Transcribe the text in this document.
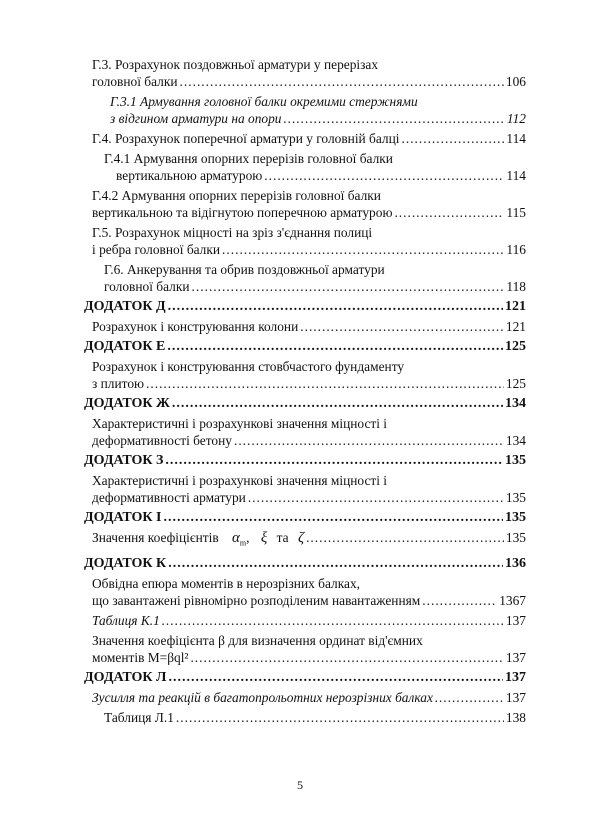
Г.3. Розрахунок поздовжньої арматури у перерізах
головної балки .....	106
Г.3.1 Армування головної балки окремими стержнями
з відгином арматури на опори .....	112
Г.4. Розрахунок поперечної арматури у головній балці .....	114
Г.4.1 Армування опорних перерізів головної балки
вертикальною арматурою .....	114
Г.4.2 Армування опорних перерізів головної балки
вертикальною та відігнутою поперечною арматурою .....	115
Г.5. Розрахунок міцності на зріз з'єднання полиці
і ребра головної балки .....	116
Г.6. Анкерування та обрив поздовжньої арматури
головної балки .....	118
ДОДАТОК Д .....	121
Розрахунок і конструювання колони .....	121
ДОДАТОК Е .....	125
Розрахунок і конструювання стовбчастого фундаменту
з плитою .....	125
ДОДАТОК Ж .....	134
Характеристичні і розрахункові значення міцності і
деформативності бетону .....	134
ДОДАТОК З .....	135
Характеристичні і розрахункові значення міцності і
деформативності арматури .....	135
ДОДАТОК І .....	135
Значення коефіцієнтів $\alpha_m$, ξ та ζ .....	135
ДОДАТОК К .....	136
Обвідна епюра моментів в нерозрізних балках,
що завантажені рівномірно розподіленим навантаженням .....	1367
Таблиця К.1 .....	137
Значення коефіцієнта β для визначення ординат від'ємних
моментів M=βql² .....	137
ДОДАТОК Л .....	137
Зусилля та реакцій в багатопрольотних нерозрізних балках .....	137
Таблиця Л.1 .....	138
5
